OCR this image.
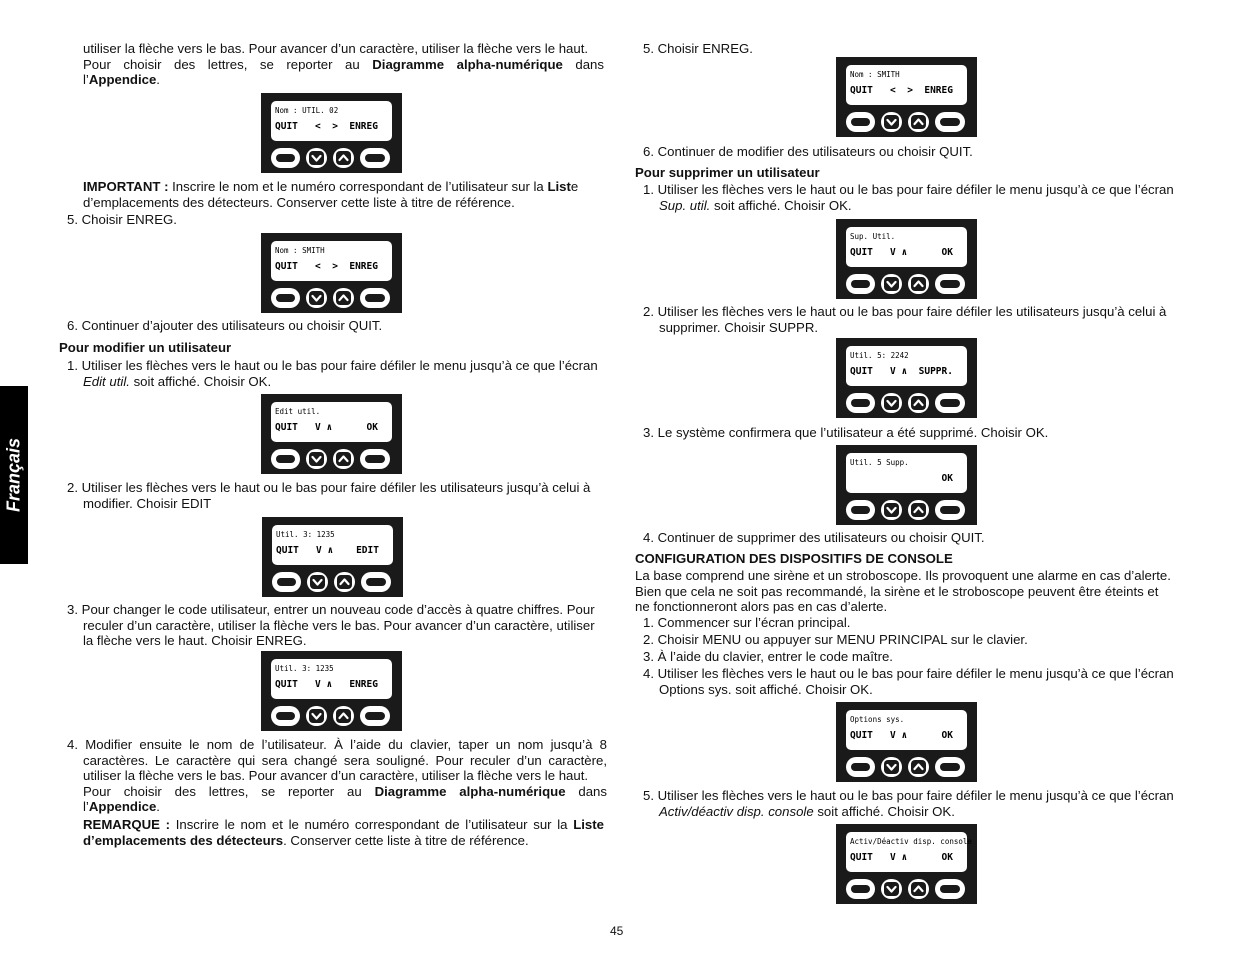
Français
utiliser la flèche vers le bas. Pour avancer d’un caractère, utiliser la flèche vers le haut.
Pour choisir des lettres, se reporter au Diagramme alpha-numérique dans
l’Appendice.
IMPORTANT : Inscrire le nom et le numéro correspondant de l’utilisateur sur la Liste
d’emplacements des détecteurs. Conserver cette liste à titre de référence.
5. Choisir ENREG.
6. Continuer d’ajouter des utilisateurs ou choisir QUIT.
Pour modifier un utilisateur
1. Utiliser les flèches vers le haut ou le bas pour faire défiler le menu jusqu’à ce que l’écran
Edit util. soit affiché. Choisir OK.
2. Utiliser les flèches vers le haut ou le bas pour faire défiler les utilisateurs jusqu’à celui à
modifier. Choisir EDIT
3. Pour changer le code utilisateur, entrer un nouveau code d’accès à quatre chiffres. Pour
reculer d’un caractère, utiliser la flèche vers le bas. Pour avancer d’un caractère, utiliser
la flèche vers le haut. Choisir ENREG.
4. Modifier ensuite le nom de l’utilisateur. À l’aide du clavier, taper un nom jusqu’à 8
caractères. Le caractère qui sera changé sera souligné. Pour reculer d’un caractère,
utiliser la flèche vers le bas. Pour avancer d’un caractère, utiliser la flèche vers le haut.
Pour choisir des lettres, se reporter au Diagramme alpha-numérique dans
l’Appendice.
REMARQUE : Inscrire le nom et le numéro correspondant de l’utilisateur sur la Liste
d’emplacements des détecteurs. Conserver cette liste à titre de référence.
5. Choisir ENREG.
6. Continuer de modifier des utilisateurs ou choisir QUIT.
Pour supprimer un utilisateur
1. Utiliser les flèches vers le haut ou le bas pour faire défiler le menu jusqu’à ce que l’écran
Sup. util. soit affiché. Choisir OK.
2. Utiliser les flèches vers le haut ou le bas pour faire défiler les utilisateurs jusqu’à celui à
supprimer. Choisir SUPPR.
3. Le système confirmera que l’utilisateur a été supprimé. Choisir OK.
4. Continuer de supprimer des utilisateurs ou choisir QUIT.
CONFIGURATION DES DISPOSITIFS DE CONSOLE
La base comprend une sirène et un stroboscope. Ils provoquent une alarme en cas d’alerte.
Bien que cela ne soit pas recommandé, la sirène et le stroboscope peuvent être éteints et
ne fonctionneront alors pas en cas d’alerte.
1. Commencer sur l’écran principal.
2. Choisir MENU ou appuyer sur MENU PRINCIPAL sur le clavier.
3. À l’aide du clavier, entrer le code maître.
4. Utiliser les flèches vers le haut ou le bas pour faire défiler le menu jusqu’à ce que l’écran
Options sys. soit affiché. Choisir OK.
5. Utiliser les flèches vers le haut ou le bas pour faire défiler le menu jusqu’à ce que l’écran
Activ/déactiv disp. console soit affiché. Choisir OK.
Nom : UTIL. 02
QUIT   <  >  ENREG
Nom : SMITH
QUIT   <  >  ENREG
Edit util.
QUIT   V ∧      OK
Util. 3: 1235
QUIT   V ∧    EDIT
Util. 3: 1235
QUIT   V ∧   ENREG
Nom : SMITH
QUIT   <  >  ENREG
Sup. Util.
QUIT   V ∧      OK
Util. 5: 2242
QUIT   V ∧  SUPPR.
Util. 5 Supp.
OK
Options sys.
QUIT   V ∧      OK
Activ/Déactiv disp. console
QUIT   V ∧      OK
45
